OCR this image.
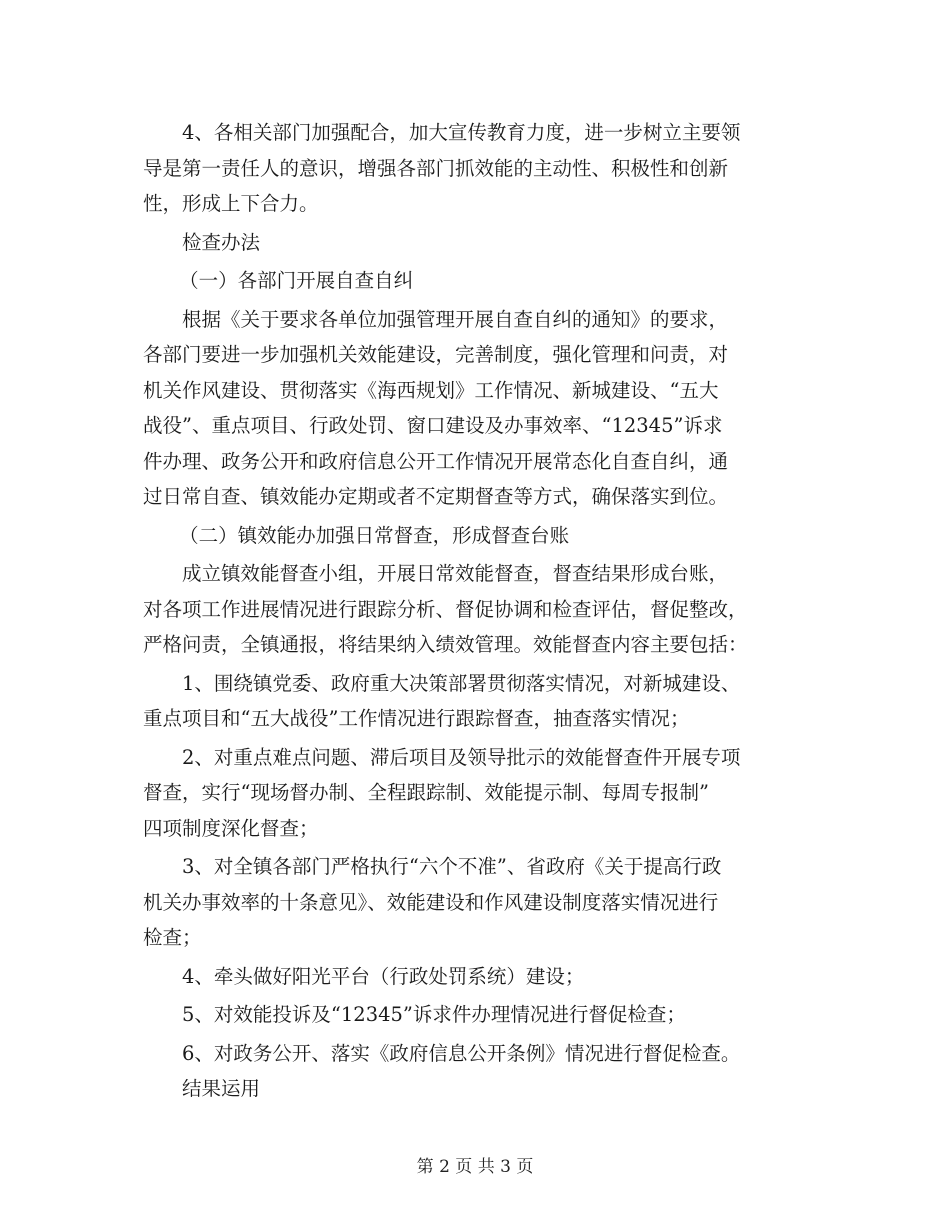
4、各相关部门加强配合，加大宣传教育力度，进一步树立主要领
导是第一责任人的意识，增强各部门抓效能的主动性、积极性和创新
性，形成上下合力。

检查办法

（一）各部门开展自查自纠

根据《关于要求各单位加强管理开展自查自纠的通知》的要求，
各部门要进一步加强机关效能建设，完善制度，强化管理和问责，对
机关作风建设、贯彻落实《海西规划》工作情况、新城建设、“五大
战役”、重点项目、行政处罚、窗口建设及办事效率、“12345”诉求
件办理、政务公开和政府信息公开工作情况开展常态化自查自纠，通
过日常自查、镇效能办定期或者不定期督查等方式，确保落实到位。

（二）镇效能办加强日常督查，形成督查台账

成立镇效能督查小组，开展日常效能督查，督查结果形成台账，
对各项工作进展情况进行跟踪分析、督促协调和检查评估，督促整改，
严格问责，全镇通报，将结果纳入绩效管理。效能督查内容主要包括：

1、围绕镇党委、政府重大决策部署贯彻落实情况，对新城建设、
重点项目和“五大战役”工作情况进行跟踪督查，抽查落实情况；

2、对重点难点问题、滞后项目及领导批示的效能督查件开展专项
督查，实行“现场督办制、全程跟踪制、效能提示制、每周专报制”
四项制度深化督查；

3、对全镇各部门严格执行“六个不准”、省政府《关于提高行政
机关办事效率的十条意见》、效能建设和作风建设制度落实情况进行
检查；

4、牵头做好阳光平台（行政处罚系统）建设；

5、对效能投诉及“12345”诉求件办理情况进行督促检查；

6、对政务公开、落实《政府信息公开条例》情况进行督促检查。

结果运用

第 2 页 共 3 页
